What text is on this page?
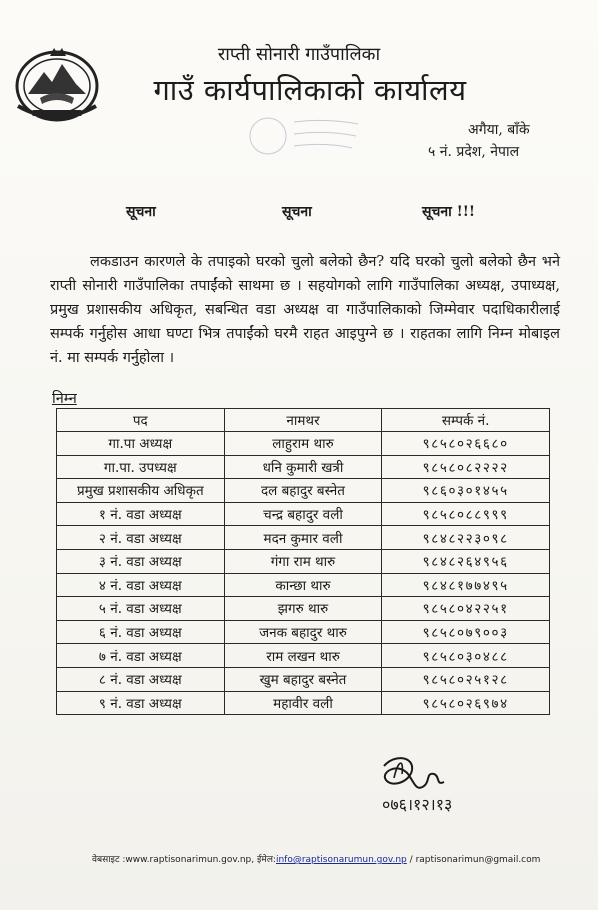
राप्ती सोनारी गाउँपालिका
गाउँ कार्यपालिकाको कार्यालय
अगैया, बाँके
५ नं. प्रदेश, नेपाल
सूचना	सूचना	सूचना !!!
लकडाउन कारणले के तपाइको घरको चुलो बलेको छैन? यदि घरको चुलो बलेको छैन भने राप्ती सोनारी गाउँपालिका तपाईंको साथमा छ । सहयोगको लागि गाउँपालिका अध्यक्ष, उपाध्यक्ष, प्रमुख प्रशासकीय अधिकृत, सबन्धित वडा अध्यक्ष वा गाउँपालिकाको जिम्मेवार पदाधिकारीलाई सम्पर्क गर्नुहोस आधा घण्टा भित्र तपाईंको घरमै राहत आइपुग्ने छ । राहतका लागि निम्न मोबाइल नं. मा सम्पर्क गर्नुहोला ।
निम्न
पद	नामथर	सम्पर्क नं.
गा.पा अध्यक्ष	लाहुराम थारु	९८५८०२६६८०
गा.पा. उपध्यक्ष	धनि कुमारी खत्री	९८५८०८२२२२
प्रमुख प्रशासकीय अधिकृत	दल बहादुर बस्नेत	९८६०३०१४५५
१ नं. वडा अध्यक्ष	चन्द्र बहादुर वली	९८५८०८८९९९
२ नं. वडा अध्यक्ष	मदन कुमार वली	९८४८२२३०९८
३ नं. वडा अध्यक्ष	गंगा राम थारु	९८४८२६४९५६
४ नं. वडा अध्यक्ष	कान्छा थारु	९८४८१७७४९५
५ नं. वडा अध्यक्ष	झगरु थारु	९८५८०४२२५१
६ नं. वडा अध्यक्ष	जनक बहादुर थारु	९८५८०७९००३
७ नं. वडा अध्यक्ष	राम लखन थारु	९८५८०३०४८८
८ नं. वडा अध्यक्ष	खुम बहादुर बस्नेत	९८५८०२५१२८
९ नं. वडा अध्यक्ष	महावीर वली	९८५८०२६९७४
०७६।१२।१३
वेबसाइट :www.raptisonarimun.gov.np, ईमेल:info@raptisonarumun.gov.np / raptisonarimun@gmail.com
